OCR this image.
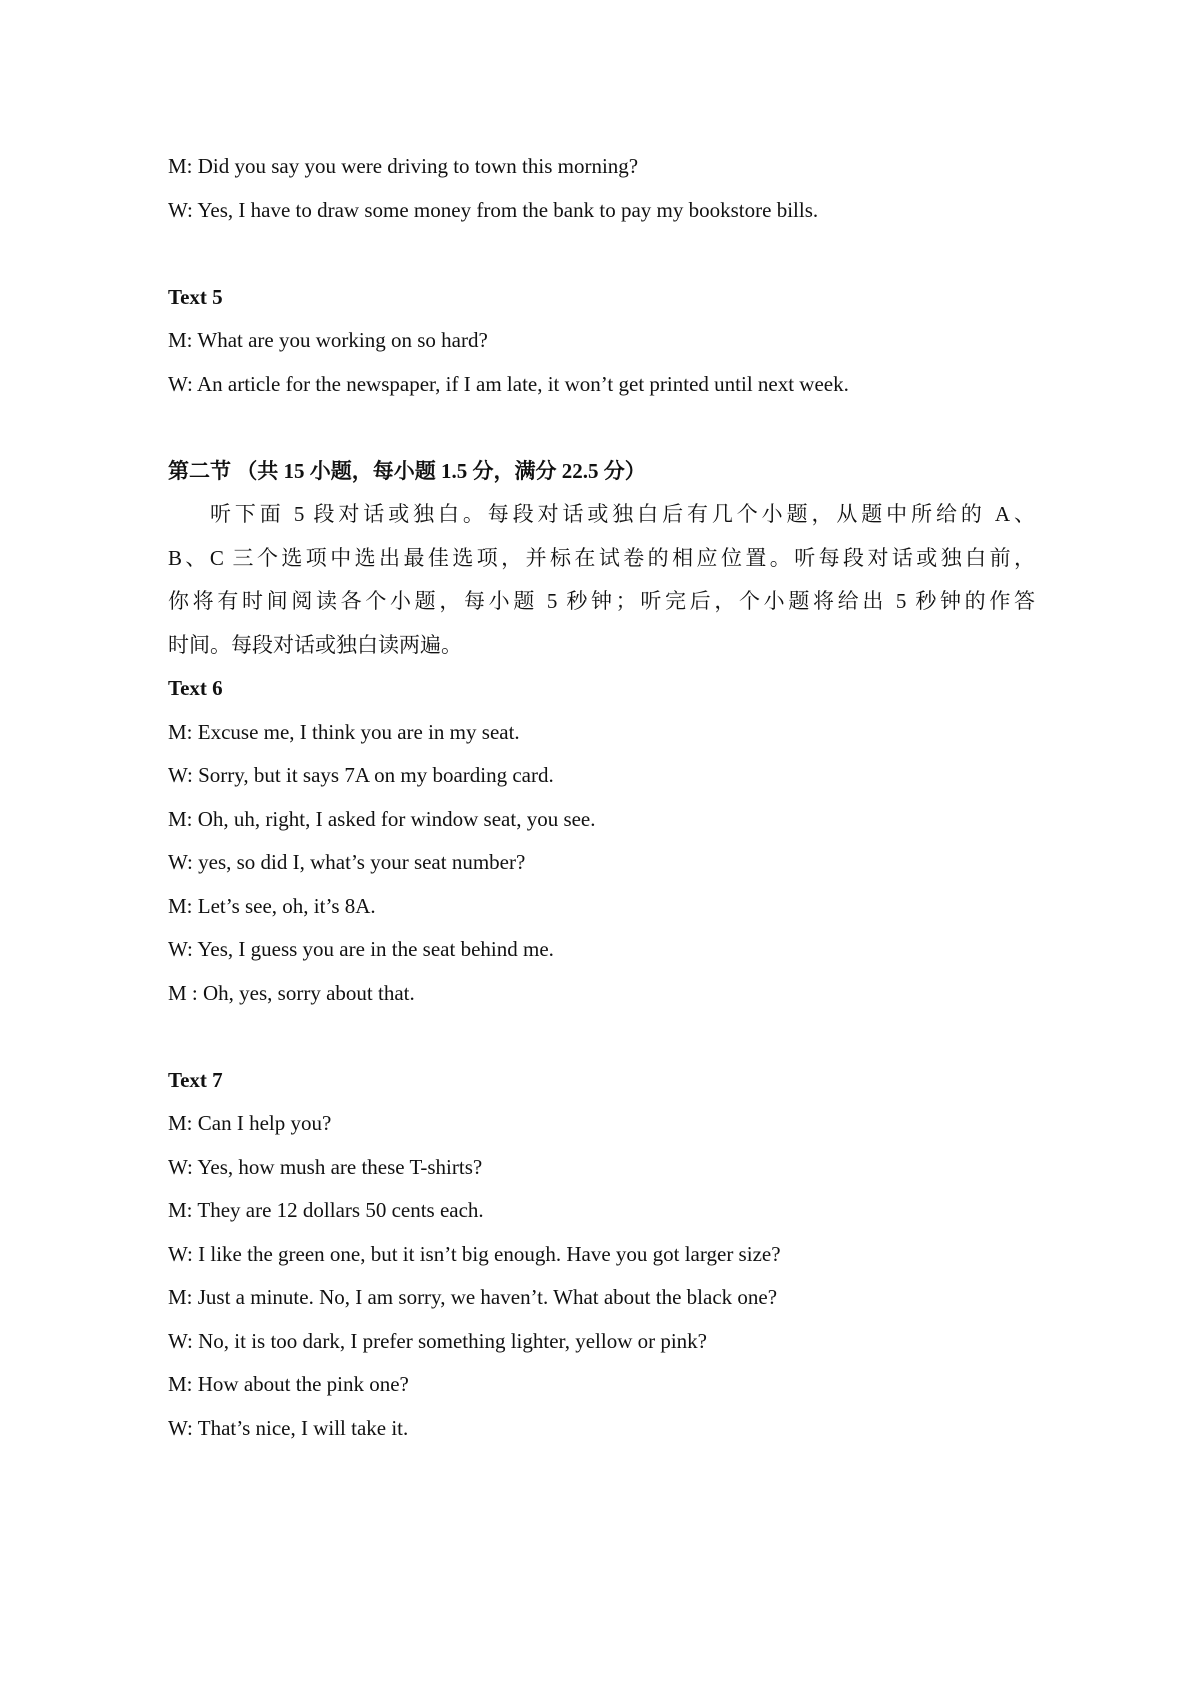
M: Did you say you were driving to town this morning?

W: Yes, I have to draw some money from the bank to pay my bookstore bills.

Text 5

M: What are you working on so hard?

W: An article for the newspaper, if I am late, it won’t get printed until next week.

第二节 （共 15 小题，每小题 1.5 分，满分 22.5 分）

听下面 5 段对话或独白。每段对话或独白后有几个小题，从题中所给的 A、

B、C 三个选项中选出最佳选项，并标在试卷的相应位置。听每段对话或独白前，

你将有时间阅读各个小题，每小题 5 秒钟；听完后，个小题将给出 5 秒钟的作答

时间。每段对话或独白读两遍。

Text 6

M: Excuse me, I think you are in my seat.

W: Sorry, but it says 7A on my boarding card.

M: Oh, uh, right, I asked for window seat, you see.

W: yes, so did I, what’s your seat number?

M: Let’s see, oh, it’s 8A.

W: Yes, I guess you are in the seat behind me.

M : Oh, yes, sorry about that.

Text 7

M: Can I help you?

W: Yes, how mush are these T-shirts?

M: They are 12 dollars 50 cents each.

W: I like the green one, but it isn’t big enough. Have you got larger size?

M: Just a minute. No, I am sorry, we haven’t. What about the black one?

W: No, it is too dark, I prefer something lighter, yellow or pink?

M: How about the pink one?

W: That’s nice, I will take it.
